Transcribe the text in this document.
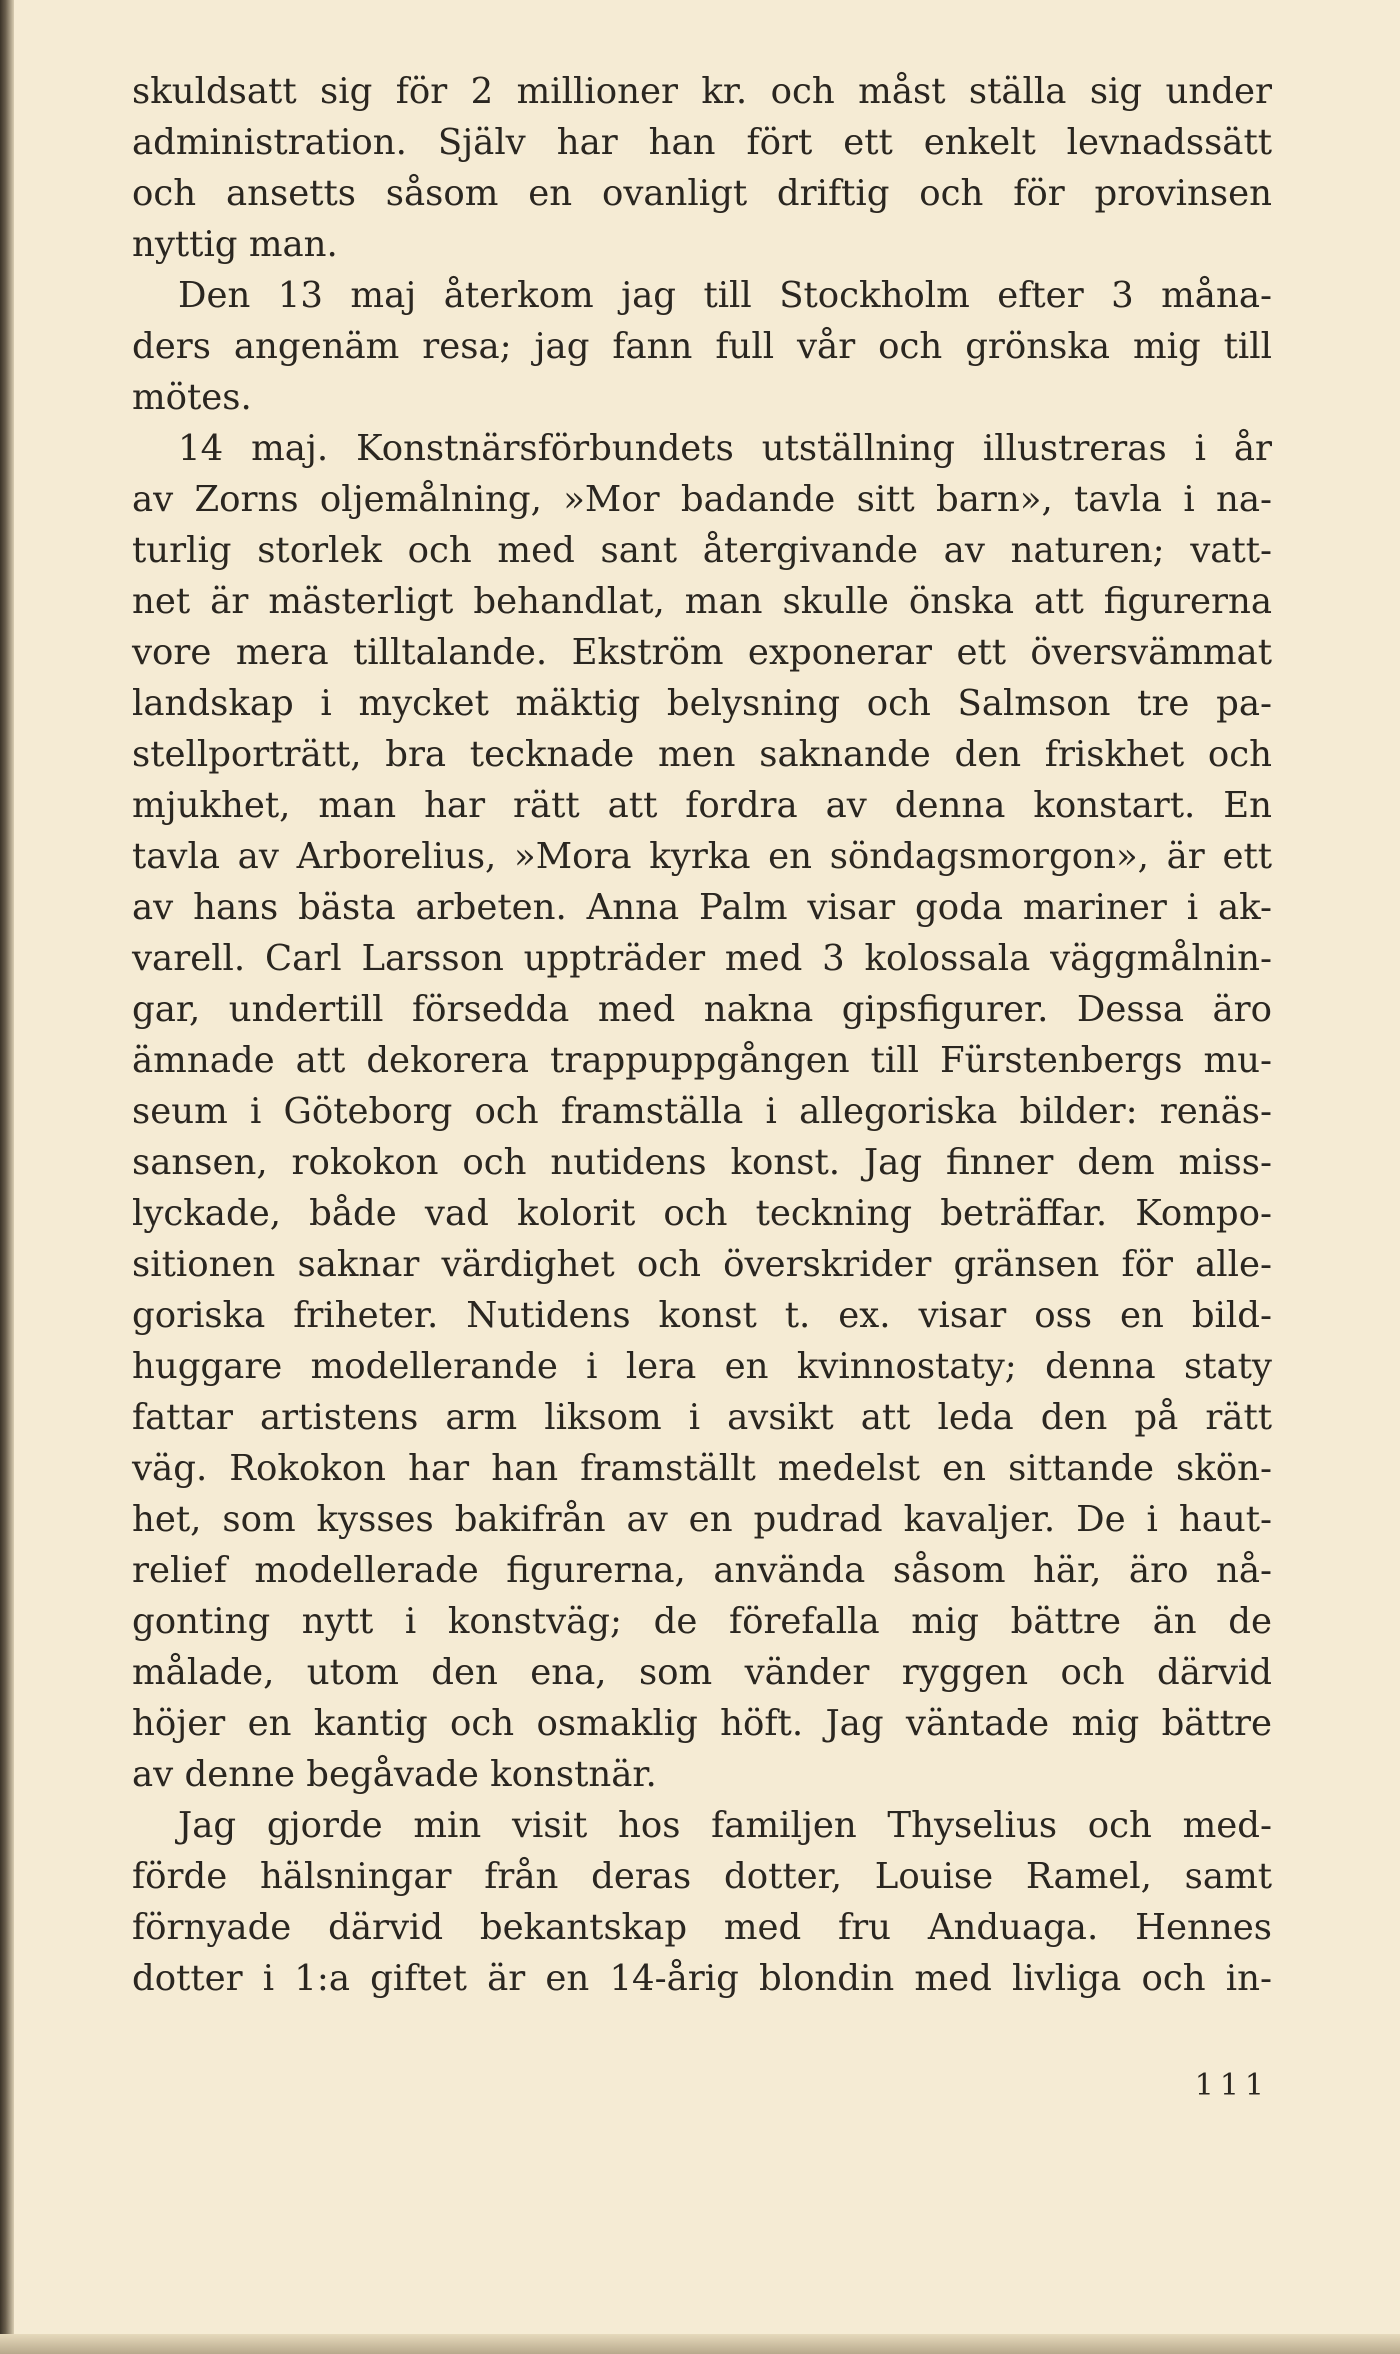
skuldsatt sig för 2 millioner kr. och måst ställa sig under
administration. Själv har han fört ett enkelt levnadssätt
och ansetts såsom en ovanligt driftig och för provinsen
nyttig man.
Den 13 maj återkom jag till Stockholm efter 3 måna-
ders angenäm resa; jag fann full vår och grönska mig till
mötes.
14 maj. Konstnärsförbundets utställning illustreras i år
av Zorns oljemålning, »Mor badande sitt barn», tavla i na-
turlig storlek och med sant återgivande av naturen; vatt-
net är mästerligt behandlat, man skulle önska att figurerna
vore mera tilltalande. Ekström exponerar ett översvämmat
landskap i mycket mäktig belysning och Salmson tre pa-
stellporträtt, bra tecknade men saknande den friskhet och
mjukhet, man har rätt att fordra av denna konstart. En
tavla av Arborelius, »Mora kyrka en söndagsmorgon», är ett
av hans bästa arbeten. Anna Palm visar goda mariner i ak-
varell. Carl Larsson uppträder med 3 kolossala väggmålnin-
gar, undertill försedda med nakna gipsfigurer. Dessa äro
ämnade att dekorera trappuppgången till Fürstenbergs mu-
seum i Göteborg och framställa i allegoriska bilder: renäs-
sansen, rokokon och nutidens konst. Jag finner dem miss-
lyckade, både vad kolorit och teckning beträffar. Kompo-
sitionen saknar värdighet och överskrider gränsen för alle-
goriska friheter. Nutidens konst t. ex. visar oss en bild-
huggare modellerande i lera en kvinnostaty; denna staty
fattar artistens arm liksom i avsikt att leda den på rätt
väg. Rokokon har han framställt medelst en sittande skön-
het, som kysses bakifrån av en pudrad kavaljer. De i haut-
relief modellerade figurerna, använda såsom här, äro nå-
gonting nytt i konstväg; de förefalla mig bättre än de
målade, utom den ena, som vänder ryggen och därvid
höjer en kantig och osmaklig höft. Jag väntade mig bättre
av denne begåvade konstnär.
Jag gjorde min visit hos familjen Thyselius och med-
förde hälsningar från deras dotter, Louise Ramel, samt
förnyade därvid bekantskap med fru Anduaga. Hennes
dotter i 1:a giftet är en 14-årig blondin med livliga och in-
111
